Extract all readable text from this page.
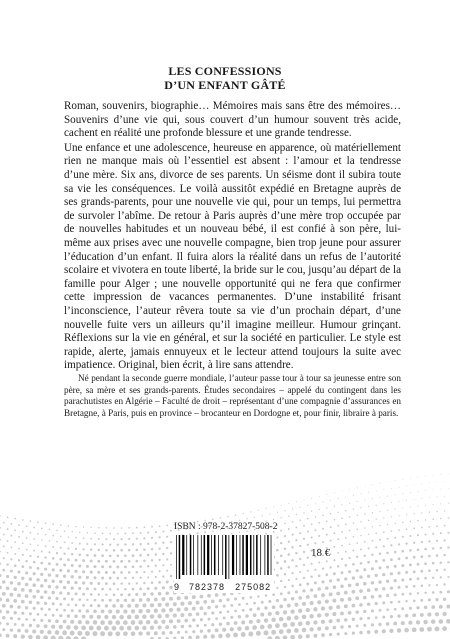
LES CONFESSIONS
D’UN ENFANT GÂTÉ

Roman, souvenirs, biographie… Mémoires mais sans être des mémoires… Souvenirs d’une vie qui, sous couvert d’un humour souvent très acide, cachent en réalité une profonde blessure et une grande tendresse.

Une enfance et une adolescence, heureuse en apparence, où matériellement rien ne manque mais où l’essentiel est absent : l’amour et la tendresse d’une mère. Six ans, divorce de ses parents. Un séisme dont il subira toute sa vie les conséquences. Le voilà aussitôt expédié en Bretagne auprès de ses grands-parents, pour une nouvelle vie qui, pour un temps, lui permettra de survoler l’abîme. De retour à Paris auprès d’une mère trop occupée par de nouvelles habitudes et un nouveau bébé, il est confié à son père, lui-même aux prises avec une nouvelle compagne, bien trop jeune pour assurer l’éducation d’un enfant. Il fuira alors la réalité dans un refus de l’autorité scolaire et vivotera en toute liberté, la bride sur le cou, jusqu’au départ de la famille pour Alger ; une nouvelle opportunité qui ne fera que confirmer cette impression de vacances permanentes. D’une instabilité frisant l’inconscience, l’auteur rêvera toute sa vie d’un prochain départ, d’une nouvelle fuite vers un ailleurs qu’il imagine meilleur. Humour grinçant. Réflexions sur la vie en général, et sur la société en particulier. Le style est rapide, alerte, jamais ennuyeux et le lecteur attend toujours la suite avec impatience. Original, bien écrit, à lire sans attendre.

Né pendant la seconde guerre mondiale, l’auteur passe tour à tour sa jeunesse entre son père, sa mère et ses grands-parents. Études secondaires – appelé du contingent dans les parachutistes en Algérie – Faculté de droit – représentant d’une compagnie d’assurances en Bretagne, à Paris, puis en province – brocanteur en Dordogne et, pour finir, libraire à paris.

ISBN : 978-2-37827-508-2
9 782378 275082
18 €
